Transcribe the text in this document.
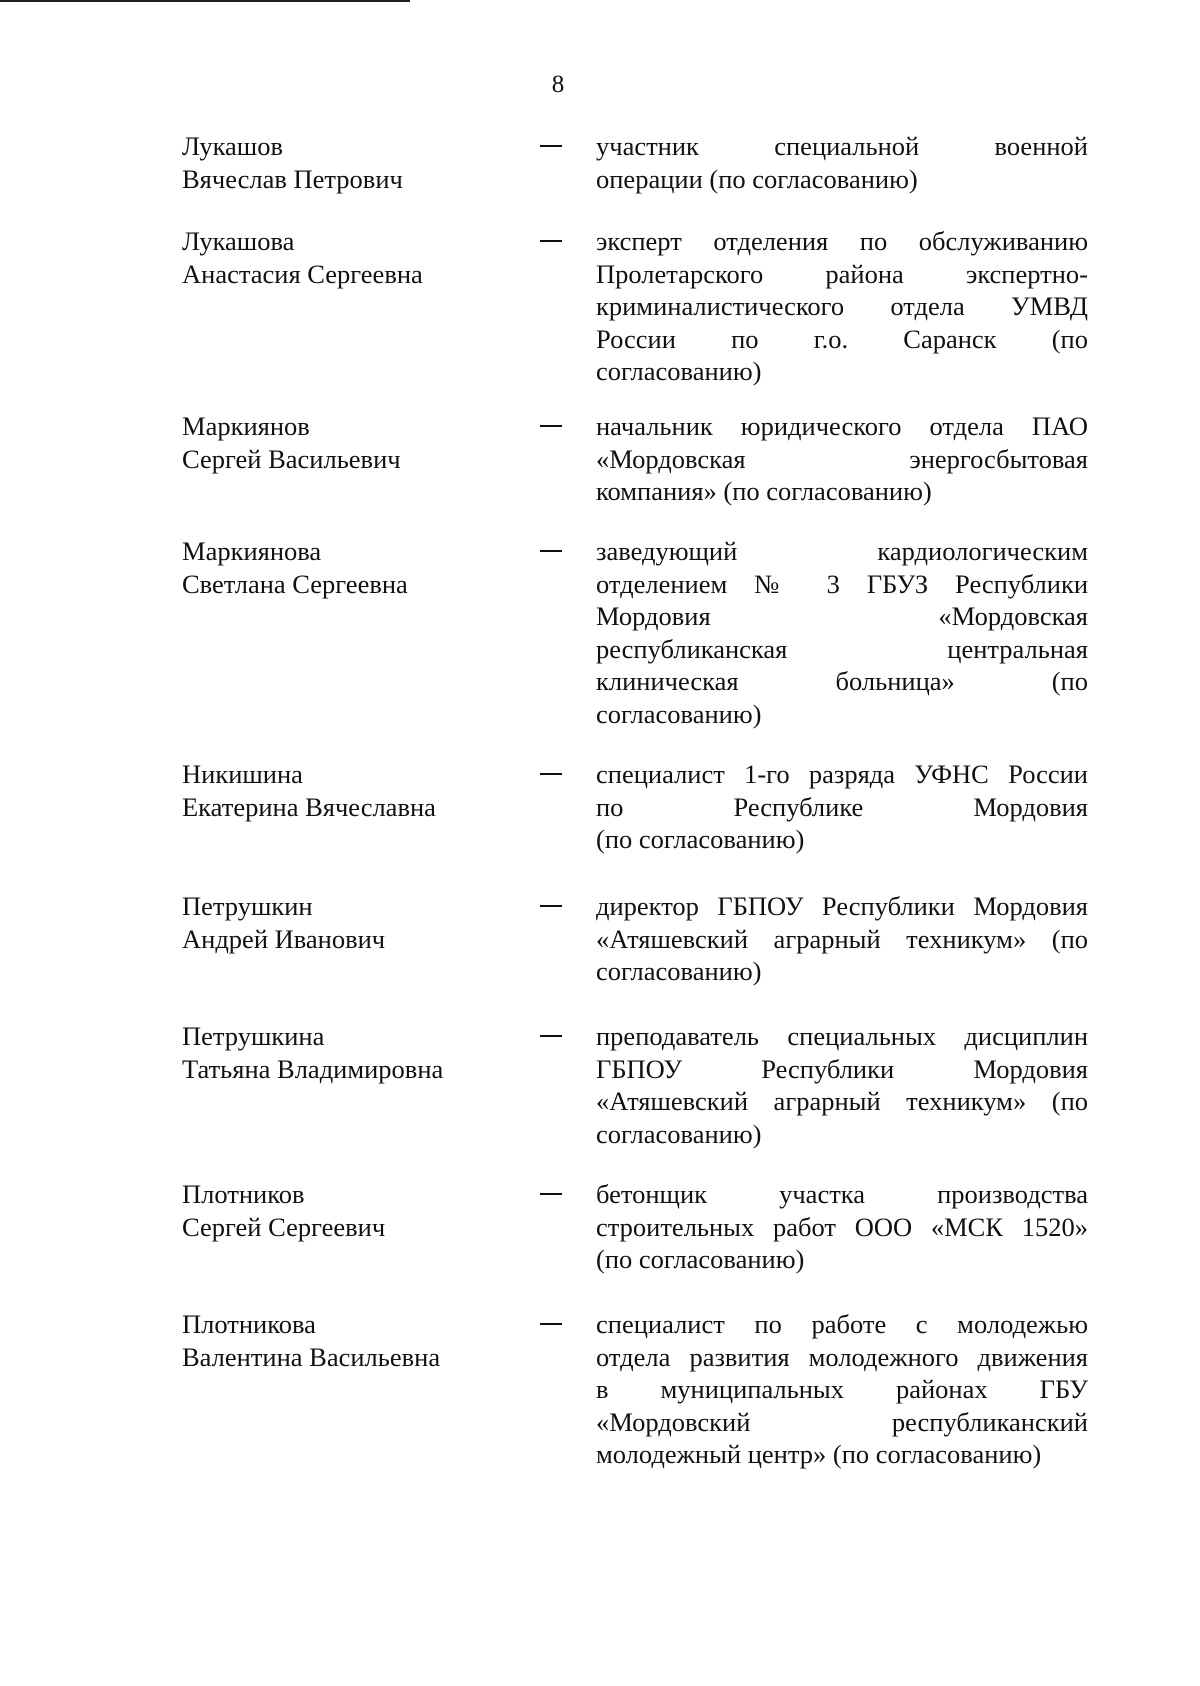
8
Лукашов
Вячеслав Петрович
участник специальной военной
операции (по согласованию)
Лукашова
Анастасия Сергеевна
эксперт отделения по обслуживанию
Пролетарского района экспертно-
криминалистического отдела УМВД
России по г.о. Саранск (по
согласованию)
Маркиянов
Сергей Васильевич
начальник юридического отдела ПАО
«Мордовская энергосбытовая
компания» (по согласованию)
Маркиянова
Светлана Сергеевна
заведующий кардиологическим
отделением № 3 ГБУЗ Республики
Мордовия «Мордовская
республиканская центральная
клиническая больница» (по
согласованию)
Никишина
Екатерина Вячеславна
специалист 1-го разряда УФНС России
по Республике Мордовия
(по согласованию)
Петрушкин
Андрей Иванович
директор ГБПОУ Республики Мордовия
«Атяшевский аграрный техникум» (по
согласованию)
Петрушкина
Татьяна Владимировна
преподаватель специальных дисциплин
ГБПОУ Республики Мордовия
«Атяшевский аграрный техникум» (по
согласованию)
Плотников
Сергей Сергеевич
бетонщик участка производства
строительных работ ООО «МСК 1520»
(по согласованию)
Плотникова
Валентина Васильевна
специалист по работе с молодежью
отдела развития молодежного движения
в муниципальных районах ГБУ
«Мордовский республиканский
молодежный центр» (по согласованию)
